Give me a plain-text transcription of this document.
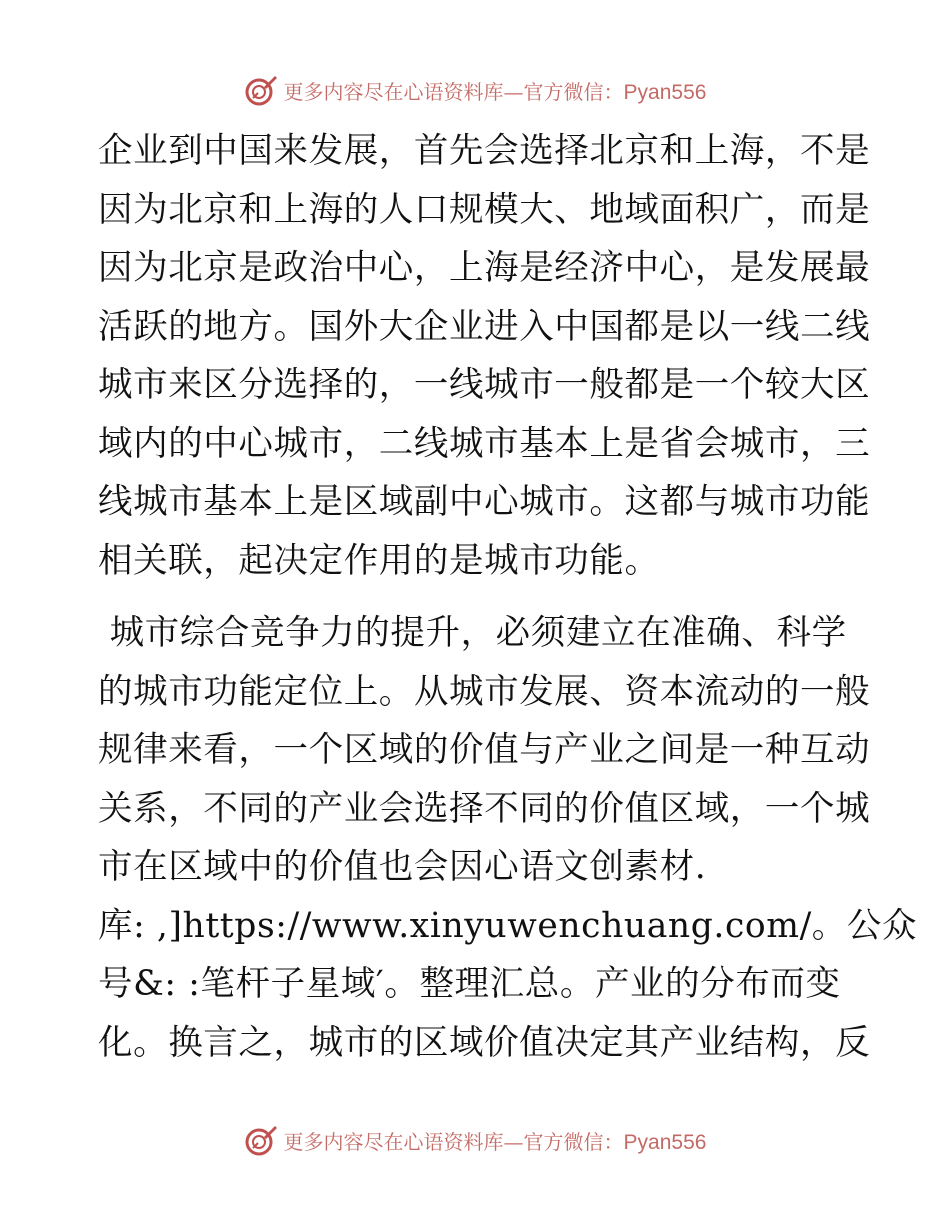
更多内容尽在心语资料库—官方微信：Pyan556
企业到中国来发展，首先会选择北京和上海，不是
因为北京和上海的人口规模大、地域面积广，而是
因为北京是政治中心，上海是经济中心，是发展最
活跃的地方。国外大企业进入中国都是以一线二线
城市来区分选择的，一线城市一般都是一个较大区
域内的中心城市，二线城市基本上是省会城市，三
线城市基本上是区域副中心城市。这都与城市功能
相关联，起决定作用的是城市功能。
城市综合竞争力的提升，必须建立在准确、科学
的城市功能定位上。从城市发展、资本流动的一般
规律来看，一个区域的价值与产业之间是一种互动
关系，不同的产业会选择不同的价值区域，一个城
市在区域中的价值也会因心语文创素材.
库: ,]https://www.xinyuwenchuang.com/。公众
号&: :笔杆子星域′。整理汇总。产业的分布而变
化。换言之，城市的区域价值决定其产业结构，反
更多内容尽在心语资料库—官方微信：Pyan556
